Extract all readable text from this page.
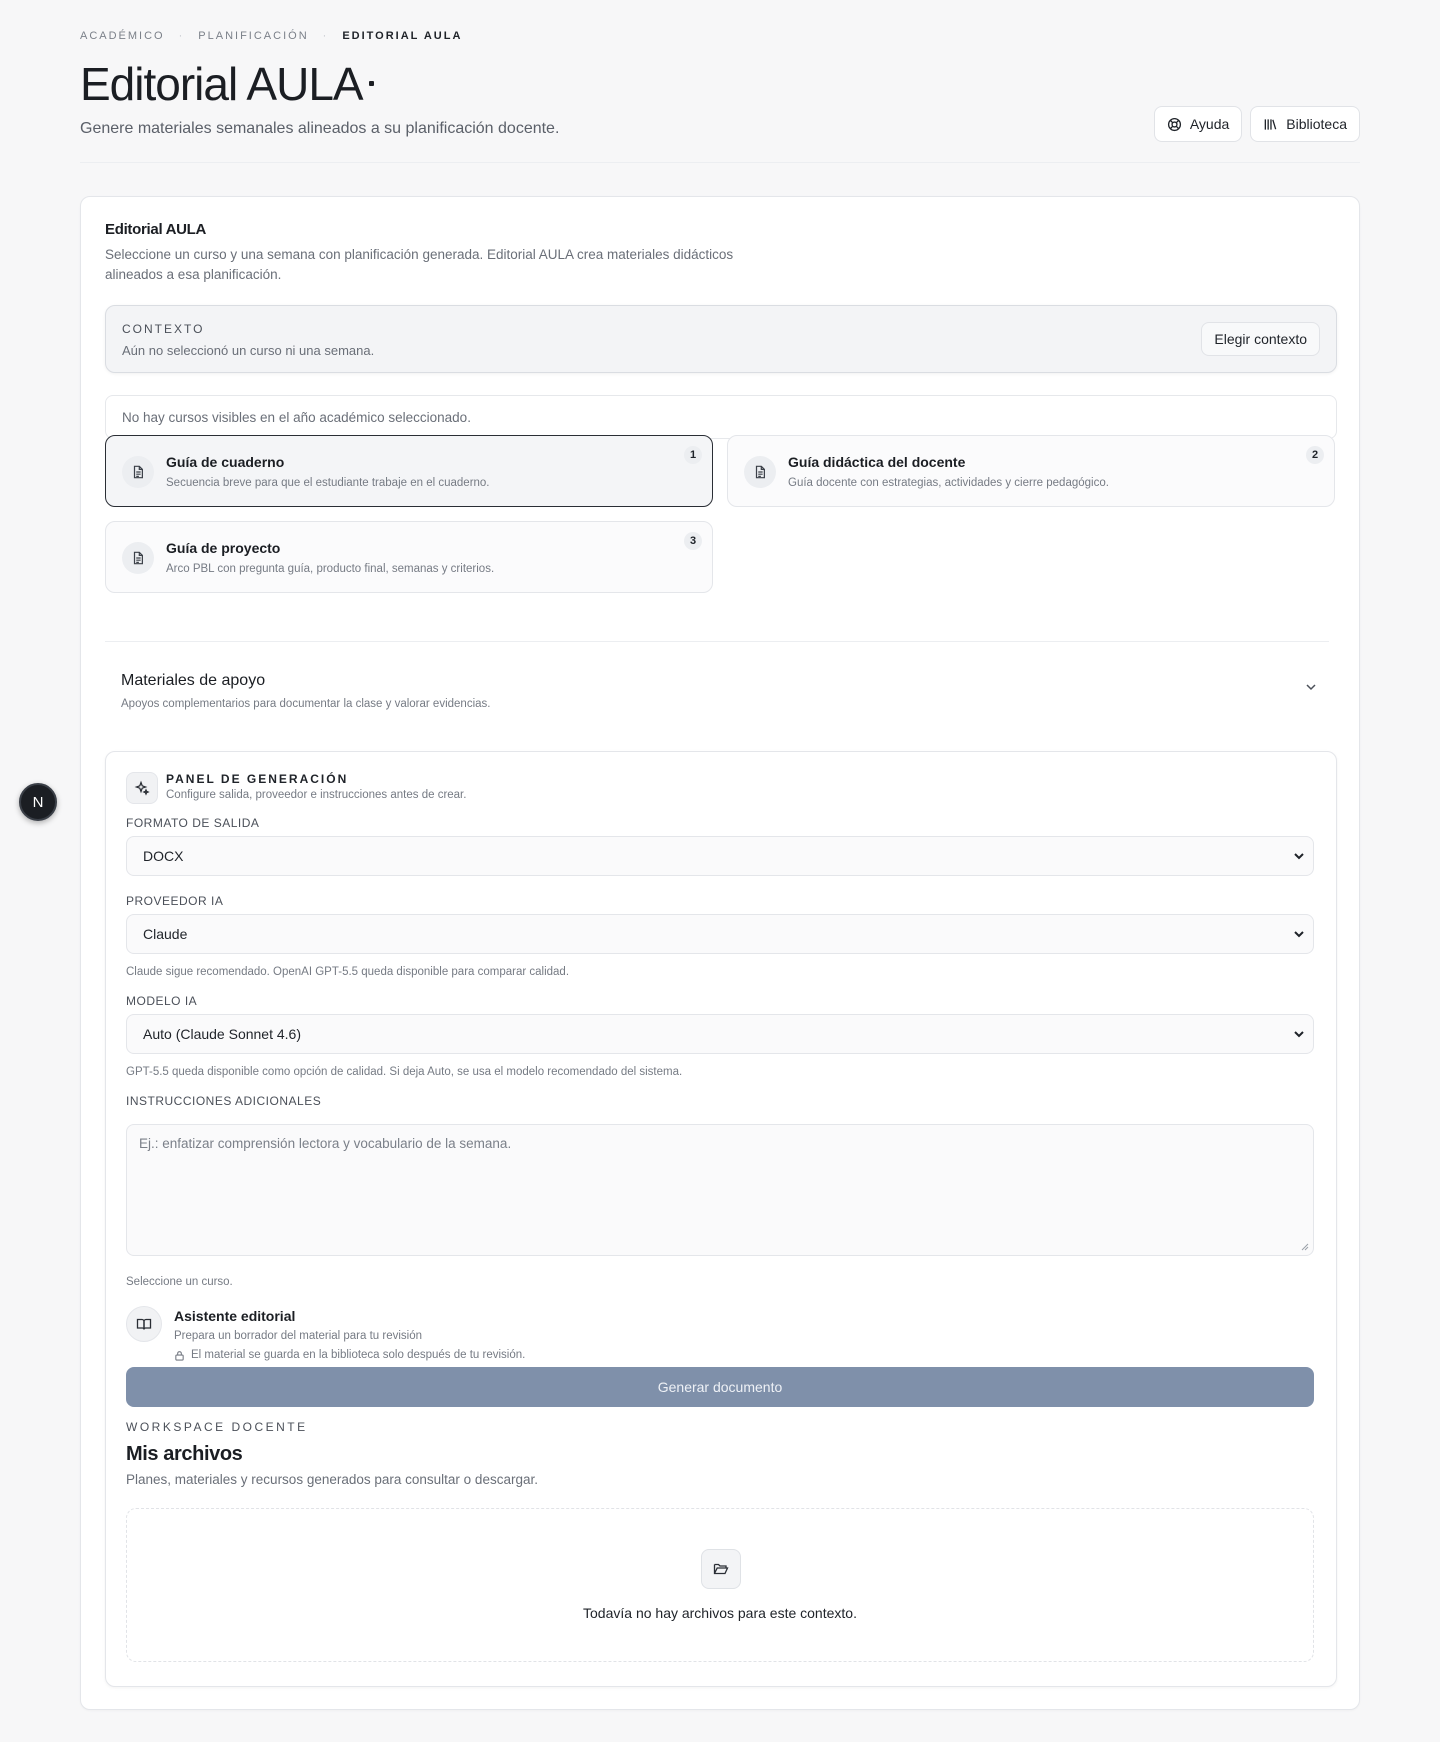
N
ACADÉMICO · PLANIFICACIÓN · EDITORIAL AULA
Editorial AULA

Genere materiales semanales alineados a su planificación docente.	Ayuda	Biblioteca
Editorial AULA

Seleccione un curso y una semana con planificación generada. Editorial AULA crea materiales didácticos alineados a esa planificación.

CONTEXTO
Aún no seleccionó un curso ni una semana.
Elegir contexto
No hay cursos visibles en el año académico seleccionado.
Guía de cuaderno
Secuencia breve para que el estudiante trabaje en el cuaderno.
1	Guía didáctica del docente
Guía docente con estrategias, actividades y cierre pedagógico.
2
Guía de proyecto
Arco PBL con pregunta guía, producto final, semanas y criterios.
3
Materiales de apoyo
Apoyos complementarios para documentar la clase y valorar evidencias.
PANEL DE GENERACIÓN
Configure salida, proveedor e instrucciones antes de crear.
FORMATO DE SALIDA
DOCX
PROVEEDOR IA
Claude
Claude sigue recomendado. OpenAI GPT-5.5 queda disponible para comparar calidad.
MODELO IA
Auto (Claude Sonnet 4.6)
GPT-5.5 queda disponible como opción de calidad. Si deja Auto, se usa el modelo recomendado del sistema.
INSTRUCCIONES ADICIONALES
Ej.: enfatizar comprensión lectora y vocabulario de la semana.
Seleccione un curso.
Asistente editorial
Prepara un borrador del material para tu revisión
El material se guarda en la biblioteca solo después de tu revisión.
Generar documento
WORKSPACE DOCENTE
Mis archivos
Planes, materiales y recursos generados para consultar o descargar.
Todavía no hay archivos para este contexto.
